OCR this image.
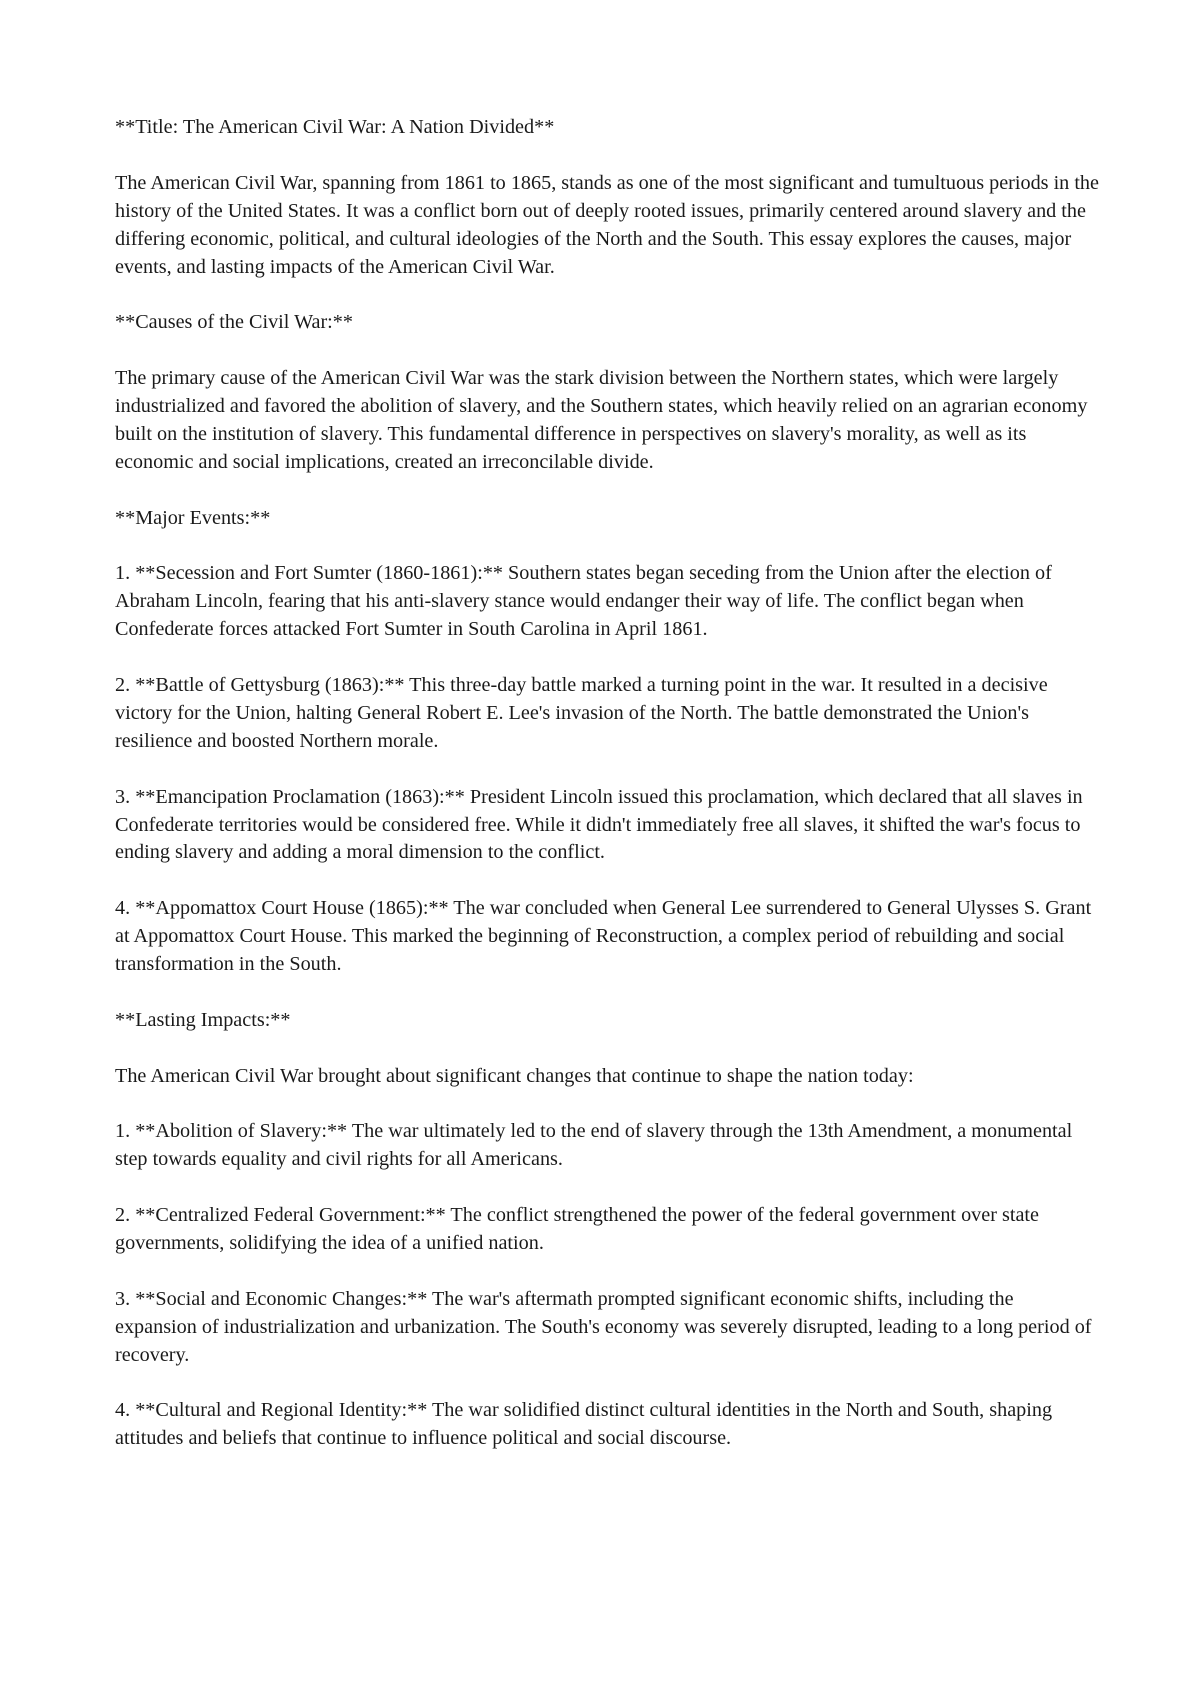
**Title: The American Civil War: A Nation Divided**

The American Civil War, spanning from 1861 to 1865, stands as one of the most significant and tumultuous periods in the history of the United States. It was a conflict born out of deeply rooted issues, primarily centered around slavery and the differing economic, political, and cultural ideologies of the North and the South. This essay explores the causes, major events, and lasting impacts of the American Civil War.

**Causes of the Civil War:**

The primary cause of the American Civil War was the stark division between the Northern states, which were largely industrialized and favored the abolition of slavery, and the Southern states, which heavily relied on an agrarian economy built on the institution of slavery. This fundamental difference in perspectives on slavery's morality, as well as its economic and social implications, created an irreconcilable divide.

**Major Events:**

1. **Secession and Fort Sumter (1860-1861):** Southern states began seceding from the Union after the election of Abraham Lincoln, fearing that his anti-slavery stance would endanger their way of life. The conflict began when Confederate forces attacked Fort Sumter in South Carolina in April 1861.

2. **Battle of Gettysburg (1863):** This three-day battle marked a turning point in the war. It resulted in a decisive victory for the Union, halting General Robert E. Lee's invasion of the North. The battle demonstrated the Union's resilience and boosted Northern morale.

3. **Emancipation Proclamation (1863):** President Lincoln issued this proclamation, which declared that all slaves in Confederate territories would be considered free. While it didn't immediately free all slaves, it shifted the war's focus to ending slavery and adding a moral dimension to the conflict.

4. **Appomattox Court House (1865):** The war concluded when General Lee surrendered to General Ulysses S. Grant at Appomattox Court House. This marked the beginning of Reconstruction, a complex period of rebuilding and social transformation in the South.

**Lasting Impacts:**

The American Civil War brought about significant changes that continue to shape the nation today:

1. **Abolition of Slavery:** The war ultimately led to the end of slavery through the 13th Amendment, a monumental step towards equality and civil rights for all Americans.

2. **Centralized Federal Government:** The conflict strengthened the power of the federal government over state governments, solidifying the idea of a unified nation.

3. **Social and Economic Changes:** The war's aftermath prompted significant economic shifts, including the expansion of industrialization and urbanization. The South's economy was severely disrupted, leading to a long period of recovery.

4. **Cultural and Regional Identity:** The war solidified distinct cultural identities in the North and South, shaping attitudes and beliefs that continue to influence political and social discourse.
